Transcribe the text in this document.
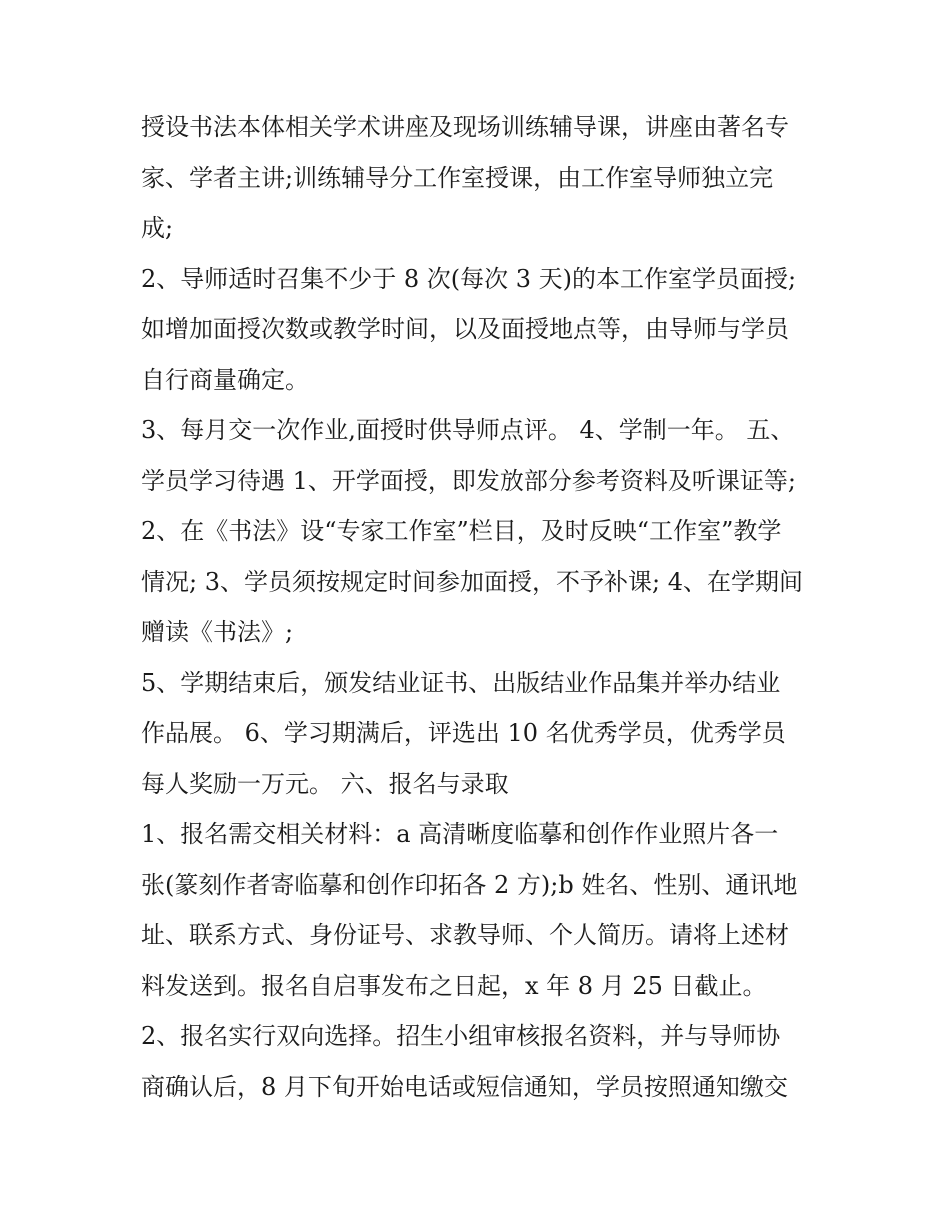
授设书法本体相关学术讲座及现场训练辅导课，讲座由著名专
家、学者主讲;训练辅导分工作室授课，由工作室导师独立完
成;
2、导师适时召集不少于 8 次(每次 3 天)的本工作室学员面授;
如增加面授次数或教学时间，以及面授地点等，由导师与学员
自行商量确定。
3、每月交一次作业,面授时供导师点评。 4、学制一年。 五、
学员学习待遇 1、开学面授，即发放部分参考资料及听课证等;
2、在《书法》设“专家工作室”栏目，及时反映“工作室”教学
情况; 3、学员须按规定时间参加面授，不予补课; 4、在学期间
赠读《书法》;
5、学期结束后，颁发结业证书、出版结业作品集并举办结业
作品展。 6、学习期满后，评选出 10 名优秀学员，优秀学员
每人奖励一万元。 六、报名与录取
1、报名需交相关材料：a 高清晰度临摹和创作作业照片各一
张(篆刻作者寄临摹和创作印拓各 2 方);b 姓名、性别、通讯地
址、联系方式、身份证号、求教导师、个人简历。请将上述材
料发送到。报名自启事发布之日起，x 年 8 月 25 日截止。
2、报名实行双向选择。招生小组审核报名资料，并与导师协
商确认后，8 月下旬开始电话或短信通知，学员按照通知缴交
